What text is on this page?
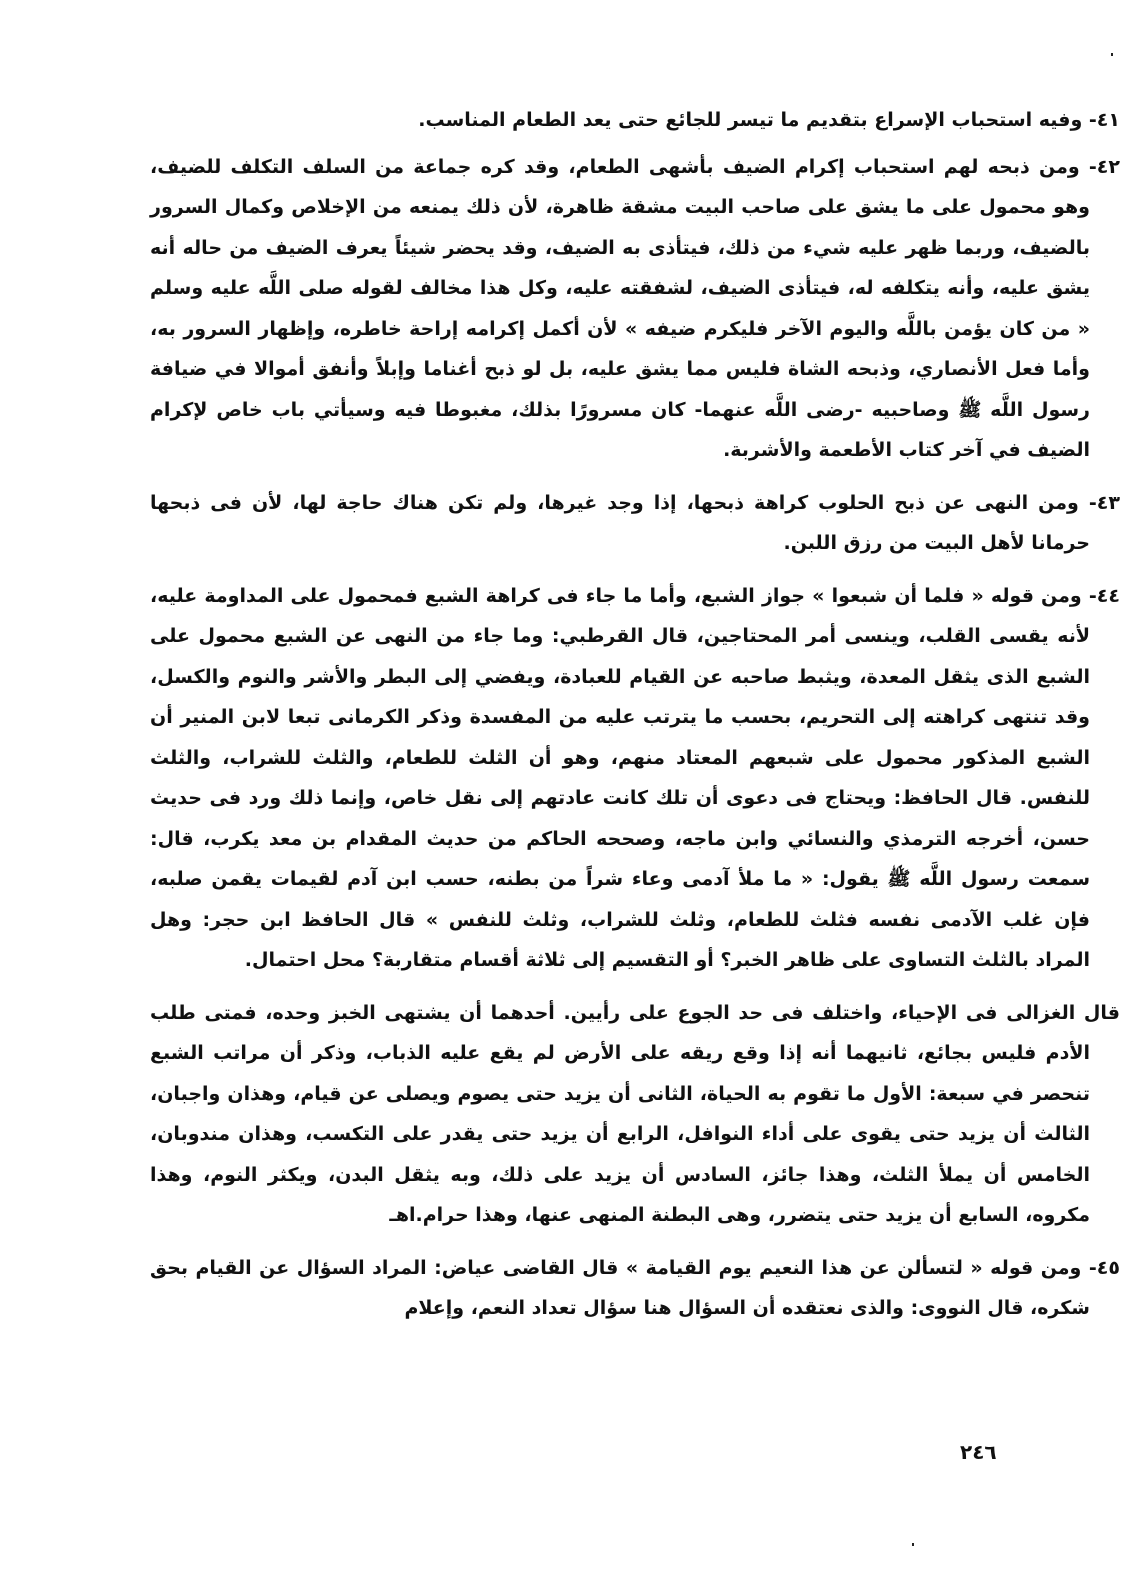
٤١- وفيه استحباب الإسراع بتقديم ما تيسر للجائع حتى يعد الطعام المناسب.

٤٢- ومن ذبحه لهم استحباب إكرام الضيف بأشهى الطعام، وقد كره جماعة من السلف التكلف للضيف، وهو محمول على ما يشق على صاحب البيت مشقة ظاهرة، لأن ذلك يمنعه من الإخلاص وكمال السرور بالضيف، وربما ظهر عليه شيء من ذلك، فيتأذى به الضيف، وقد يحضر شيئاً يعرف الضيف من حاله أنه يشق عليه، وأنه يتكلفه له، فيتأذى الضيف، لشفقته عليه، وكل هذا مخالف لقوله صلى اللَّه عليه وسلم « من كان يؤمن باللَّه واليوم الآخر فليكرم ضيفه » لأن أكمل إكرامه إراحة خاطره، وإظهار السرور به، وأما فعل الأنصاري، وذبحه الشاة فليس مما يشق عليه، بل لو ذبح أغناما وإبلاً وأنفق أموالا في ضيافة رسول اللَّه ﷺ وصاحبيه -رضى اللَّه عنهما- كان مسرورًا بذلك، مغبوطا فيه وسيأتي باب خاص لإكرام الضيف في آخر كتاب الأطعمة والأشربة.

٤٣- ومن النهى عن ذبح الحلوب كراهة ذبحها، إذا وجد غيرها، ولم تكن هناك حاجة لها، لأن فى ذبحها حرمانا لأهل البيت من رزق اللبن.

٤٤- ومن قوله « فلما أن شبعوا » جواز الشبع، وأما ما جاء فى كراهة الشبع فمحمول على المداومة عليه، لأنه يقسى القلب، وينسى أمر المحتاجين، قال القرطبي: وما جاء من النهى عن الشبع محمول على الشبع الذى يثقل المعدة، ويثبط صاحبه عن القيام للعبادة، ويفضي إلى البطر والأشر والنوم والكسل، وقد تنتهى كراهته إلى التحريم، بحسب ما يترتب عليه من المفسدة وذكر الكرمانى تبعا لابن المنير أن الشبع المذكور محمول على شبعهم المعتاد منهم، وهو أن الثلث للطعام، والثلث للشراب، والثلث للنفس. قال الحافظ: ويحتاج فى دعوى أن تلك كانت عادتهم إلى نقل خاص، وإنما ذلك ورد فى حديث حسن، أخرجه الترمذي والنسائي وابن ماجه، وصححه الحاكم من حديث المقدام بن معد يكرب، قال: سمعت رسول اللَّه ﷺ يقول: « ما ملأ آدمى وعاء شراً من بطنه، حسب ابن آدم لقيمات يقمن صلبه، فإن غلب الآدمى نفسه فثلث للطعام، وثلث للشراب، وثلث للنفس » قال الحافظ ابن حجر: وهل المراد بالثلث التساوى على ظاهر الخبر؟ أو التقسيم إلى ثلاثة أقسام متقاربة؟ محل احتمال.

قال الغزالى فى الإحياء، واختلف فى حد الجوع على رأيين. أحدهما أن يشتهى الخبز وحده، فمتى طلب الأدم فليس بجائع، ثانيهما أنه إذا وقع ريقه على الأرض لم يقع عليه الذباب، وذكر أن مراتب الشبع تنحصر في سبعة: الأول ما تقوم به الحياة، الثانى أن يزيد حتى يصوم ويصلى عن قيام، وهذان واجبان، الثالث أن يزيد حتى يقوى على أداء النوافل، الرابع أن يزيد حتى يقدر على التكسب، وهذان مندوبان، الخامس أن يملأ الثلث، وهذا جائز، السادس أن يزيد على ذلك، وبه يثقل البدن، ويكثر النوم، وهذا مكروه، السابع أن يزيد حتى يتضرر، وهى البطنة المنهى عنها، وهذا حرام.اهـ

٤٥- ومن قوله « لتسألن عن هذا النعيم يوم القيامة » قال القاضى عياض: المراد السؤال عن القيام بحق شكره، قال النووى: والذى نعتقده أن السؤال هنا سؤال تعداد النعم، وإعلام

٢٤٦
